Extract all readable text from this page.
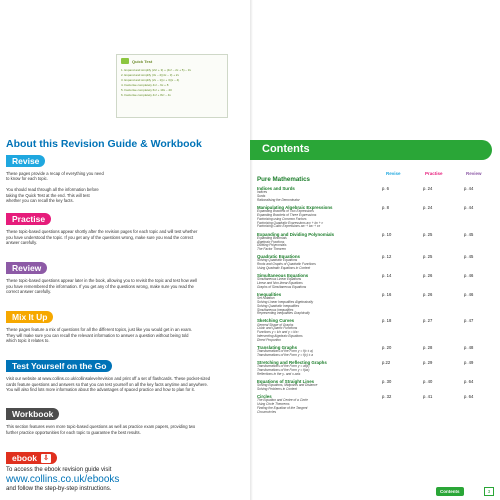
Quick Test
1. Expand and simplify (2x² + 3) + (4x³ – 2x + 5) – 3x
2. Expand and simplify (3x – 2)(4x – 3) + 2x
3. Expand and simplify (2x – 1)(x + 3)(x – 4)
4. Factorise completely 4x² – 9x + 8
5. Factorise completely 6x² + 19x – 20
6. Factorise completely 4x³ + 8x² – 4x
About this Revision Guide & Workbook
Revise
These pages provide a recap of everything you need
to know for each topic.
You should read through all the information before
taking the Quick Test at the end. This will test
whether you can recall the key facts.
Practise
These topic-based questions appear shortly after the revision pages for each topic and will test whether
you have understood the topic. If you get any of the questions wrong, make sure you read the correct
answer carefully.
Review
These topic-based questions appear later in the book, allowing you to revisit the topic and test how well
you have remembered the information. If you get any of the questions wrong, make sure you read the
correct answer carefully.
Mix It Up
These pages feature a mix of questions for all the different topics, just like you would get in an exam.
They will make sure you can recall the relevant information to answer a question without being told
which topic it relates to.
Test Yourself on the Go
Visit our website at www.collins.co.uk/collinsalevelrevision and print off a set of flashcards. These pocket-sized
cards feature questions and answers so that you can test yourself on all the key facts anytime and anywhere.
You will also find lots more information about the advantages of spaced practice and how to plan for it.
Workbook
This section features even more topic-based questions as well as practice exam papers, providing two
further practice opportunities for each topic to guarantee the best results.
ebook ⇩
To access the ebook revision guide visit
www.collins.co.uk/ebooks
and follow the step-by-step instructions.
Contents
Revise	Practise	Review
Pure Mathematics
Indices and Surds	p. 6	p. 24	p. 44
Indices
Surds
Rationalising the Denominator
Manipulating Algebraic Expressions	p. 8	p. 24	p. 44
Expanding Brackets of Two Expressions
Expanding Brackets of Three Expressions
Factorising using Common Factors
Factorising Quadratic Expressions ax² + bx + c
Factorising Cubic Expressions ax³ + bx² + cx
Expanding and Dividing Polynomials	p. 10	p. 25	p. 45
Expanding Binomials
Algebraic Fractions
Dividing Polynomials
The Factor Theorem
Quadratic Equations	p. 12	p. 25	p. 45
Solving Quadratic Equations
Roots and Graphs of Quadratic Functions
Using Quadratic Equations in Context
Simultaneous Equations	p. 14	p. 26	p. 46
Simultaneous Linear Equations
Linear and Non-linear Equations
Graphs of Simultaneous Equations
Inequalities	p. 16	p. 26	p. 46
Set Notation
Solving Linear Inequalities Algebraically
Solving Quadratic Inequalities
Simultaneous Inequalities
Representing Inequalities Graphically
Sketching Curves	p. 18	p. 27	p. 47
General Shape of Graphs
Cubic and Quartic Functions
Functions y = k/x and y = k/x²
Intersecting Algebraic Equations
Direct Proportion
Translating Graphs	p. 20	p. 28	p. 48
Transformations of the Form y = f(x ± a)
Transformations of the Form y = f(x) ± a
Stretching and Reflecting Graphs	p.22	p. 29	p. 49
Transformations of the Form y = af(x)
Transformations of the Form y = f(ax)
Reflections in the y- and x-axis
Equations of Straight Lines	p. 30	p. 40	p. 64
Solving Equations, Midpoints and Distance
Solving Problems in Context
Circles	p. 32	p. 41	p. 64
The Equation and Centre of a Circle
Using Circle Theorems
Finding the Equation of the Tangent
Circumcircles
Contents	3
